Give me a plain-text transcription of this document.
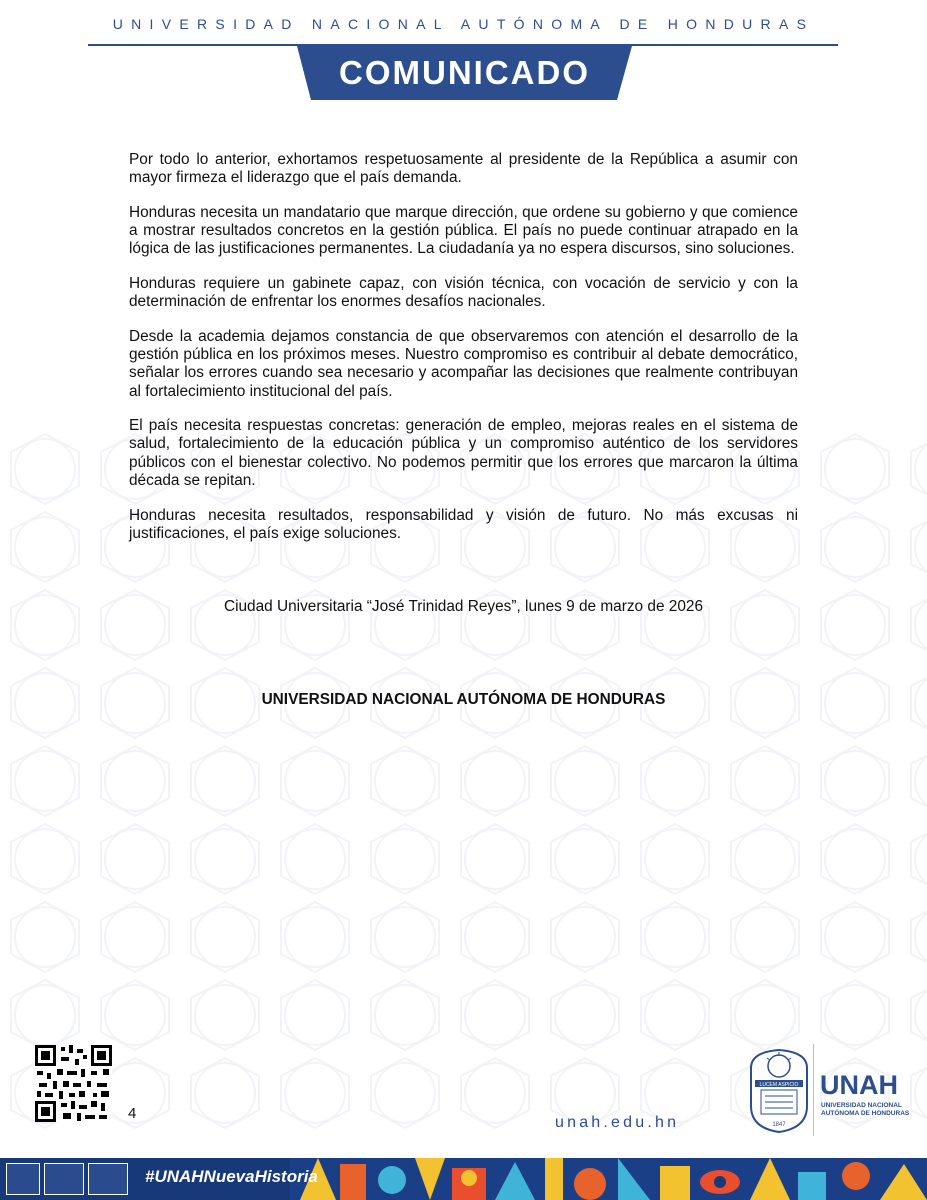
UNIVERSIDAD NACIONAL AUTÓNOMA DE HONDURAS
COMUNICADO

Por todo lo anterior, exhortamos respetuosamente al presidente de la República a asumir con mayor firmeza el liderazgo que el país demanda.

Honduras necesita un mandatario que marque dirección, que ordene su gobierno y que comience a mostrar resultados concretos en la gestión pública. El país no puede continuar atrapado en la lógica de las justificaciones permanentes. La ciudadanía ya no espera discursos, sino soluciones.

Honduras requiere un gabinete capaz, con visión técnica, con vocación de servicio y con la determinación de enfrentar los enormes desafíos nacionales.

Desde la academia dejamos constancia de que observaremos con atención el desarrollo de la gestión pública en los próximos meses. Nuestro compromiso es contribuir al debate democrático, señalar los errores cuando sea necesario y acompañar las decisiones que realmente contribuyan al fortalecimiento institucional del país.

El país necesita respuestas concretas: generación de empleo, mejoras reales en el sistema de salud, fortalecimiento de la educación pública y un compromiso auténtico de los servidores públicos con el bienestar colectivo. No podemos permitir que los errores que marcaron la última década se repitan.

Honduras necesita resultados, responsabilidad y visión de futuro. No más excusas ni justificaciones, el país exige soluciones.

Ciudad Universitaria “José Trinidad Reyes”, lunes 9 de marzo de 2026
UNIVERSIDAD NACIONAL AUTÓNOMA DE HONDURAS
4
unah.edu.hn
LUCEM ASPICIO
1847
UNAH
UNIVERSIDAD NACIONAL
AUTÓNOMA DE HONDURAS
#UNAHNuevaHistoria
